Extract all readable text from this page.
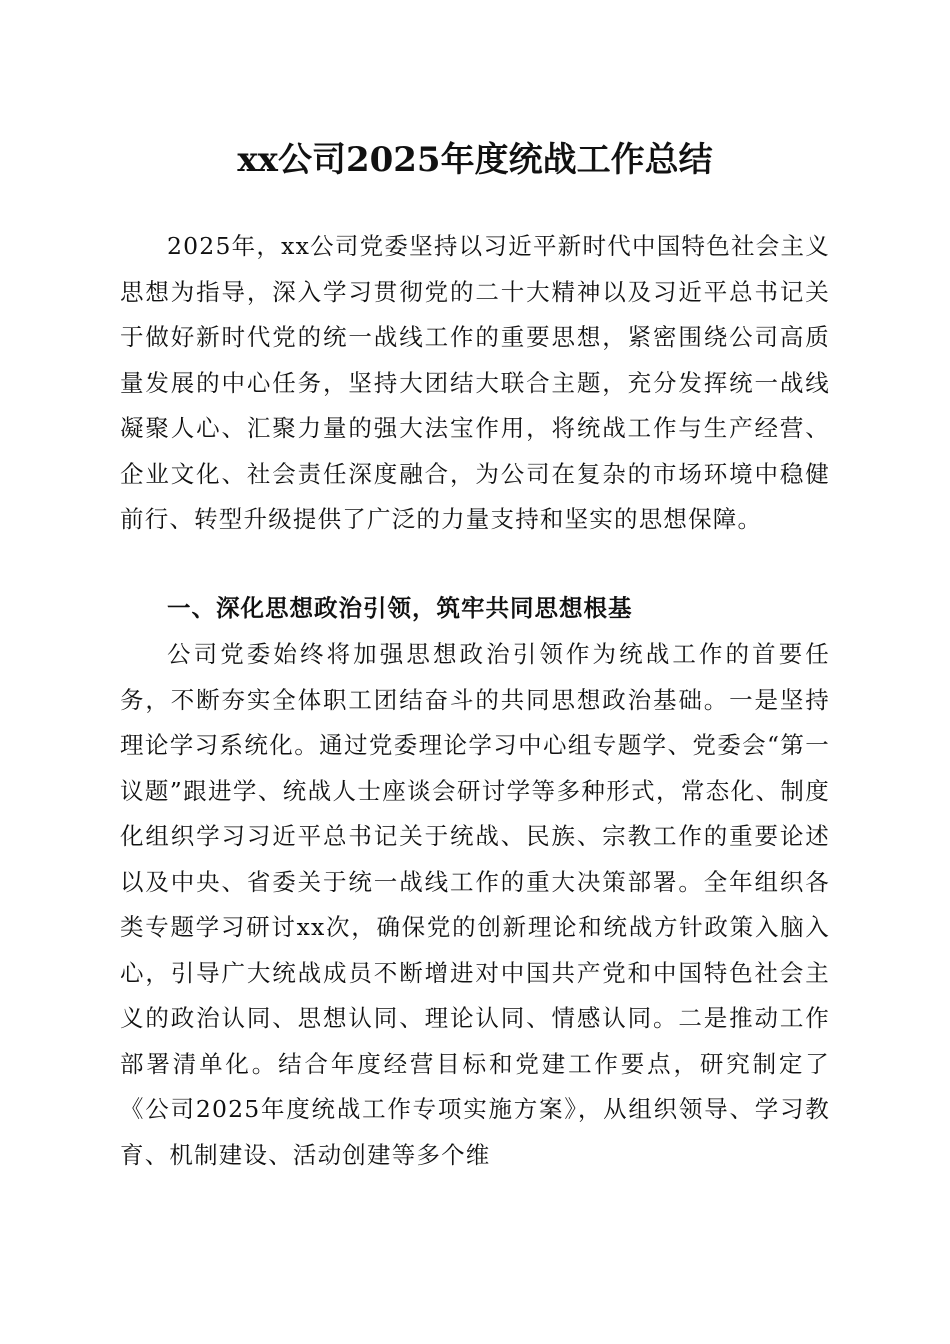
xx公司2025年度统战工作总结

2025年，xx公司党委坚持以习近平新时代中国特色社会主义思想为指导，深入学习贯彻党的二十大精神以及习近平总书记关于做好新时代党的统一战线工作的重要思想，紧密围绕公司高质量发展的中心任务，坚持大团结大联合主题，充分发挥统一战线凝聚人心、汇聚力量的强大法宝作用，将统战工作与生产经营、企业文化、社会责任深度融合，为公司在复杂的市场环境中稳健前行、转型升级提供了广泛的力量支持和坚实的思想保障。

一、深化思想政治引领，筑牢共同思想根基

公司党委始终将加强思想政治引领作为统战工作的首要任务，不断夯实全体职工团结奋斗的共同思想政治基础。一是坚持理论学习系统化。通过党委理论学习中心组专题学、党委会“第一议题”跟进学、统战人士座谈会研讨学等多种形式，常态化、制度化组织学习习近平总书记关于统战、民族、宗教工作的重要论述以及中央、省委关于统一战线工作的重大决策部署。全年组织各类专题学习研讨xx次，确保党的创新理论和统战方针政策入脑入心，引导广大统战成员不断增进对中国共产党和中国特色社会主义的政治认同、思想认同、理论认同、情感认同。二是推动工作部署清单化。结合年度经营目标和党建工作要点，研究制定了《公司2025年度统战工作专项实施方案》，从组织领导、学习教育、机制建设、活动创建等多个维
